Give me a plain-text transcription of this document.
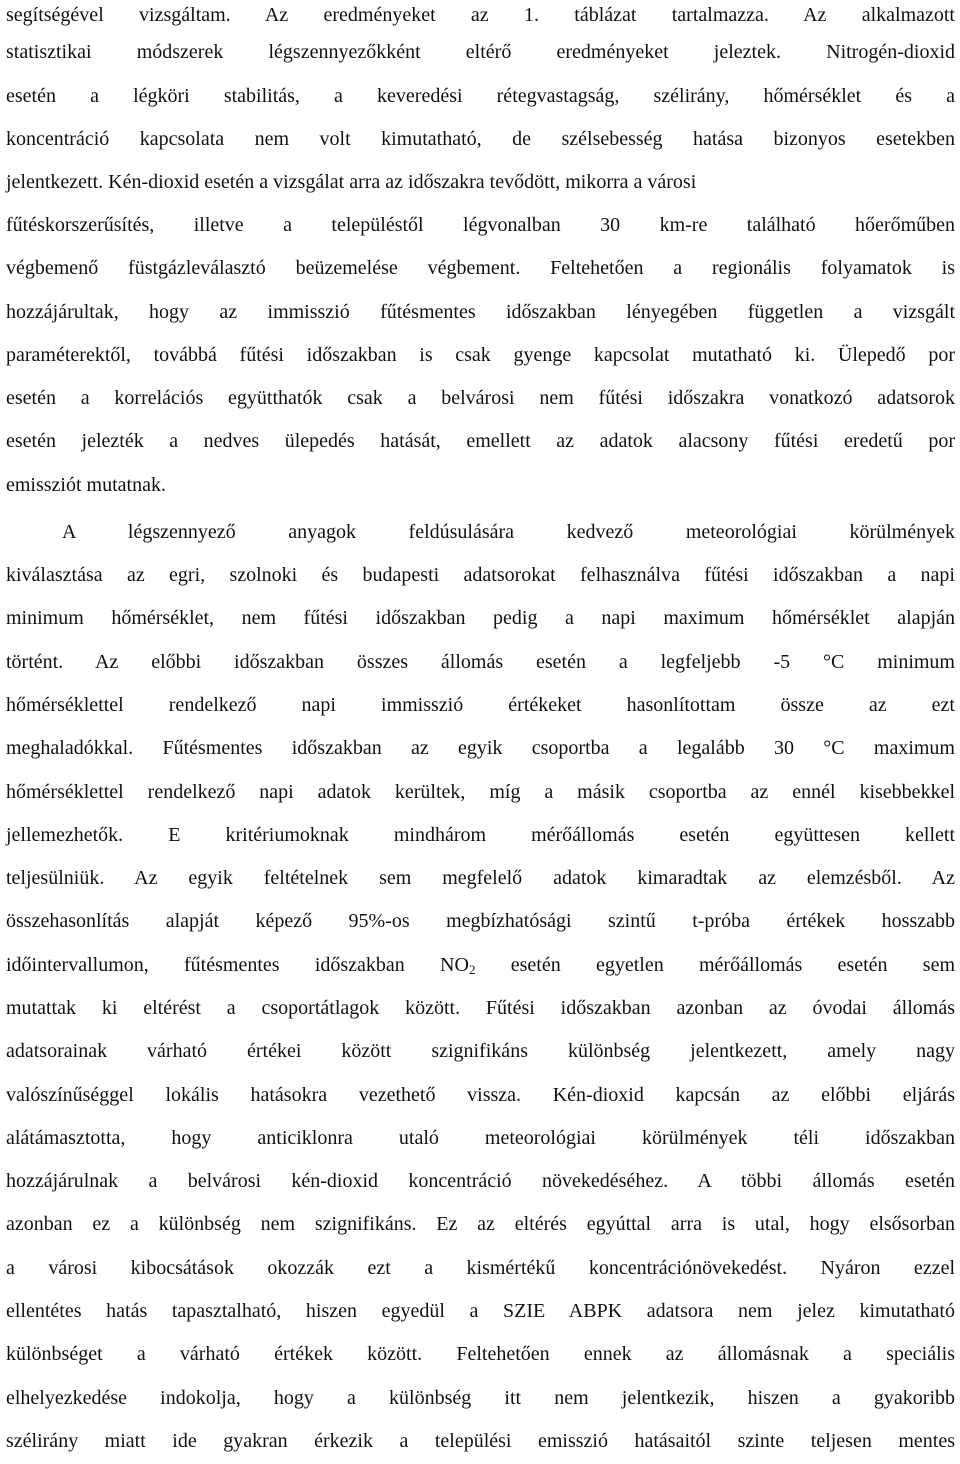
segítségével vizsgáltam. Az eredményeket az 1. táblázat tartalmazza. Az alkalmazott
statisztikai módszerek légszennyezőkként eltérő eredményeket jeleztek. Nitrogén-dioxid
esetén a légköri stabilitás, a keveredési rétegvastagság, szélirány, hőmérséklet és a
koncentráció kapcsolata nem volt kimutatható, de szélsebesség hatása bizonyos esetekben
jelentkezett. Kén-dioxid esetén a vizsgálat arra az időszakra tevődött, mikorra a városi
fűtéskorszerűsítés, illetve a településtől légvonalban 30 km-re található hőerőműben
végbemenő füstgázleválasztó beüzemelése végbement. Feltehetően a regionális folyamatok is
hozzájárultak, hogy az immisszió fűtésmentes időszakban lényegében független a vizsgált
paraméterektől, továbbá fűtési időszakban is csak gyenge kapcsolat mutatható ki. Ülepedő por
esetén a korrelációs együtthatók csak a belvárosi nem fűtési időszakra vonatkozó adatsorok
esetén jelezték a nedves ülepedés hatását, emellett az adatok alacsony fűtési eredetű por
emissziót mutatnak.
A légszennyező anyagok feldúsulására kedvező meteorológiai körülmények
kiválasztása az egri, szolnoki és budapesti adatsorokat felhasználva fűtési időszakban a napi
minimum hőmérséklet, nem fűtési időszakban pedig a napi maximum hőmérséklet alapján
történt. Az előbbi időszakban összes állomás esetén a legfeljebb -5 °C minimum
hőmérséklettel rendelkező napi immisszió értékeket hasonlítottam össze az ezt
meghaladókkal. Fűtésmentes időszakban az egyik csoportba a legalább 30 °C maximum
hőmérséklettel rendelkező napi adatok kerültek, míg a másik csoportba az ennél kisebbekkel
jellemezhetők. E kritériumoknak mindhárom mérőállomás esetén együttesen kellett
teljesülniük. Az egyik feltételnek sem megfelelő adatok kimaradtak az elemzésből. Az
összehasonlítás alapját képező 95%-os megbízhatósági szintű t-próba értékek hosszabb
időintervallumon, fűtésmentes időszakban $NO_2$ esetén egyetlen mérőállomás esetén sem
mutattak ki eltérést a csoportátlagok között. Fűtési időszakban azonban az óvodai állomás
adatsorainak várható értékei között szignifikáns különbség jelentkezett, amely nagy
valószínűséggel lokális hatásokra vezethető vissza. Kén-dioxid kapcsán az előbbi eljárás
alátámasztotta, hogy anticiklonra utaló meteorológiai körülmények téli időszakban
hozzájárulnak a belvárosi kén-dioxid koncentráció növekedéséhez. A többi állomás esetén
azonban ez a különbség nem szignifikáns. Ez az eltérés egyúttal arra is utal, hogy elsősorban
a városi kibocsátások okozzák ezt a kismértékű koncentrációnövekedést. Nyáron ezzel
ellentétes hatás tapasztalható, hiszen egyedül a SZIE ABPK adatsora nem jelez kimutatható
különbséget a várható értékek között. Feltehetően ennek az állomásnak a speciális
elhelyezkedése indokolja, hogy a különbség itt nem jelentkezik, hiszen a gyakoribb
szélirány miatt ide gyakran érkezik a települési emisszió hatásaitól szinte teljesen mentes
